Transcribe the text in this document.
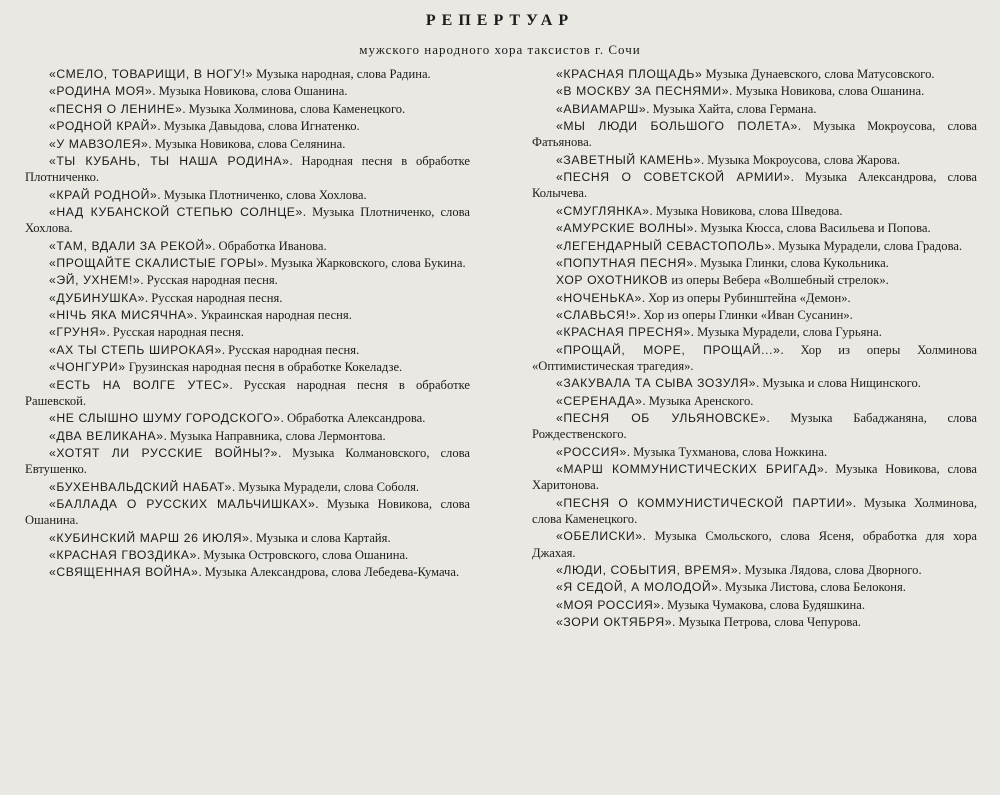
РЕПЕРТУАР
мужского народного хора таксистов г. Сочи
«СМЕЛО, ТОВАРИЩИ, В НОГУ!» Музыка народная, слова Радина.
«РОДИНА МОЯ». Музыка Новикова, слова Ошанина.
«ПЕСНЯ О ЛЕНИНЕ». Музыка Холминова, слова Каменецкого.
«РОДНОЙ КРАЙ». Музыка Давыдова, слова Игнатенко.
«У МАВЗОЛЕЯ». Музыка Новикова, слова Селянина.
«ТЫ КУБАНЬ, ТЫ НАША РОДИНА». Народная песня в обработке Плотниченко.
«КРАЙ РОДНОЙ». Музыка Плотниченко, слова Хохлова.
«НАД КУБАНСКОЙ СТЕПЬЮ СОЛНЦЕ». Музыка Плотниченко, слова Хохлова.
«ТАМ, ВДАЛИ ЗА РЕКОЙ». Обработка Иванова.
«ПРОЩАЙТЕ СКАЛИСТЫЕ ГОРЫ». Музыка Жарковского, слова Букина.
«ЭЙ, УХНЕМ!». Русская народная песня.
«ДУБИНУШКА». Русская народная песня.
«НIЧЬ ЯКА МИСЯЧНА». Украинская народная песня.
«ГРУНЯ». Русская народная песня.
«АХ ТЫ СТЕПЬ ШИРОКАЯ». Русская народная песня.
«ЧОНГУРИ» Грузинская народная песня в обработке Кокеладзе.
«ЕСТЬ НА ВОЛГЕ УТЕС». Русская народная песня в обработке Рашевской.
«НЕ СЛЫШНО ШУМУ ГОРОДСКОГО». Обработка Александрова.
«ДВА ВЕЛИКАНА». Музыка Направника, слова Лермонтова.
«ХОТЯТ ЛИ РУССКИЕ ВОЙНЫ?». Музыка Колмановского, слова Евтушенко.
«БУХЕНВАЛЬДСКИЙ НАБАТ». Музыка Мурадели, слова Соболя.
«БАЛЛАДА О РУССКИХ МАЛЬЧИШКАХ». Музыка Новикова, слова Ошанина.
«КУБИНСКИЙ МАРШ 26 ИЮЛЯ». Музыка и слова Картайя.
«КРАСНАЯ ГВОЗДИКА». Музыка Островского, слова Ошанина.
«СВЯЩЕННАЯ ВОЙНА». Музыка Александрова, слова Лебедева-Кумача.
«КРАСНАЯ ПЛОЩАДЬ» Музыка Дунаевского, слова Матусовского.
«В МОСКВУ ЗА ПЕСНЯМИ». Музыка Новикова, слова Ошанина.
«АВИАМАРШ». Музыка Хайта, слова Германа.
«МЫ ЛЮДИ БОЛЬШОГО ПОЛЕТА». Музыка Мокроусова, слова Фатьянова.
«ЗАВЕТНЫЙ КАМЕНЬ». Музыка Мокроусова, слова Жарова.
«ПЕСНЯ О СОВЕТСКОЙ АРМИИ». Музыка Александрова, слова Колычева.
«СМУГЛЯНКА». Музыка Новикова, слова Шведова.
«АМУРСКИЕ ВОЛНЫ». Музыка Кюсса, слова Васильева и Попова.
«ЛЕГЕНДАРНЫЙ СЕВАСТОПОЛЬ». Музыка Мурадели, слова Градова.
«ПОПУТНАЯ ПЕСНЯ». Музыка Глинки, слова Кукольника.
ХОР ОХОТНИКОВ из оперы Вебера «Волшебный стрелок».
«НОЧЕНЬКА». Хор из оперы Рубинштейна «Демон».
«СЛАВЬСЯ!». Хор из оперы Глинки «Иван Сусанин».
«КРАСНАЯ ПРЕСНЯ». Музыка Мурадели, слова Гурьяна.
«ПРОЩАЙ, МОРЕ, ПРОЩАЙ...». Хор из оперы Холминова «Оптимистическая трагедия».
«ЗАКУВАЛА ТА СЫВА ЗОЗУЛЯ». Музыка и слова Нищинского.
«СЕРЕНАДА». Музыка Аренского.
«ПЕСНЯ ОБ УЛЬЯНОВСКЕ». Музыка Бабаджаняна, слова Рождественского.
«РОССИЯ». Музыка Тухманова, слова Ножкина.
«МАРШ КОММУНИСТИЧЕСКИХ БРИГАД». Музыка Новикова, слова Харитонова.
«ПЕСНЯ О КОММУНИСТИЧЕСКОЙ ПАРТИИ». Музыка Холминова, слова Каменецкого.
«ОБЕЛИСКИ». Музыка Смольского, слова Ясеня, обработка для хора Джахая.
«ЛЮДИ, СОБЫТИЯ, ВРЕМЯ». Музыка Лядова, слова Дворного.
«Я СЕДОЙ, А МОЛОДОЙ». Музыка Листова, слова Белоконя.
«МОЯ РОССИЯ». Музыка Чумакова, слова Будяшкина.
«ЗОРИ ОКТЯБРЯ». Музыка Петрова, слова Чепурова.
